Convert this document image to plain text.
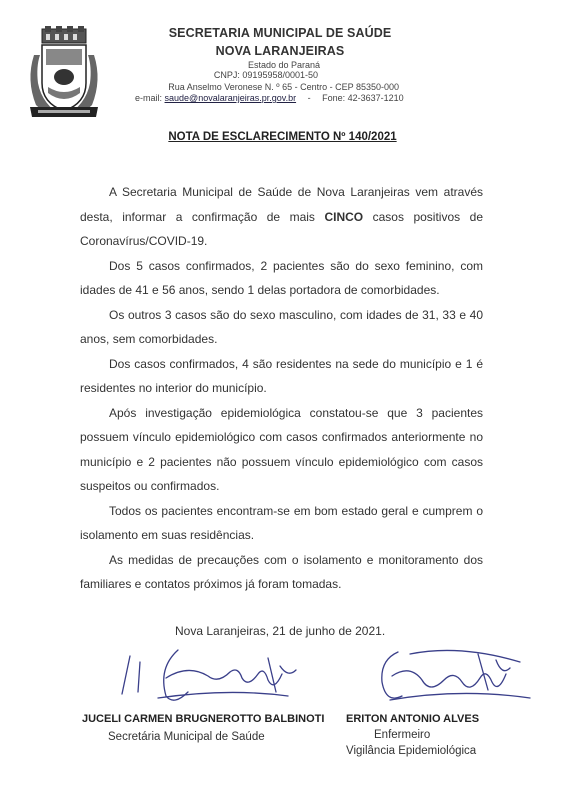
SECRETARIA MUNICIPAL DE SAÚDE
NOVA LARANJEIRAS
Estado do Paraná
CNPJ: 09195958/0001-50
Rua Anselmo Veronese N. º 65 - Centro - CEP 85350-000
e-mail: saude@novalaranjeiras.pr.gov.br - Fone: 42-3637-1210
NOTA DE ESCLARECIMENTO Nº 140/2021

A Secretaria Municipal de Saúde de Nova Laranjeiras vem através desta, informar a confirmação de mais CINCO casos positivos de Coronavírus/COVID-19.

Dos 5 casos confirmados, 2 pacientes são do sexo feminino, com idades de 41 e 56 anos, sendo 1 delas portadora de comorbidades.

Os outros 3 casos são do sexo masculino, com idades de 31, 33 e 40 anos, sem comorbidades.

Dos casos confirmados, 4 são residentes na sede do município e 1 é residentes no interior do município.

Após investigação epidemiológica constatou-se que 3 pacientes possuem vínculo epidemiológico com casos confirmados anteriormente no município e 2 pacientes não possuem vínculo epidemiológico com casos suspeitos ou confirmados.

Todos os pacientes encontram-se em bom estado geral e cumprem o isolamento em suas residências.

As medidas de precauções com o isolamento e monitoramento dos familiares e contatos próximos já foram tomadas.

Nova Laranjeiras, 21 de junho de 2021.
JUCELI CARMEN BRUGNEROTTO BALBINOTI
Secretária Municipal de Saúde
ERITON ANTONIO ALVES
Enfermeiro
Vigilância Epidemiológica
